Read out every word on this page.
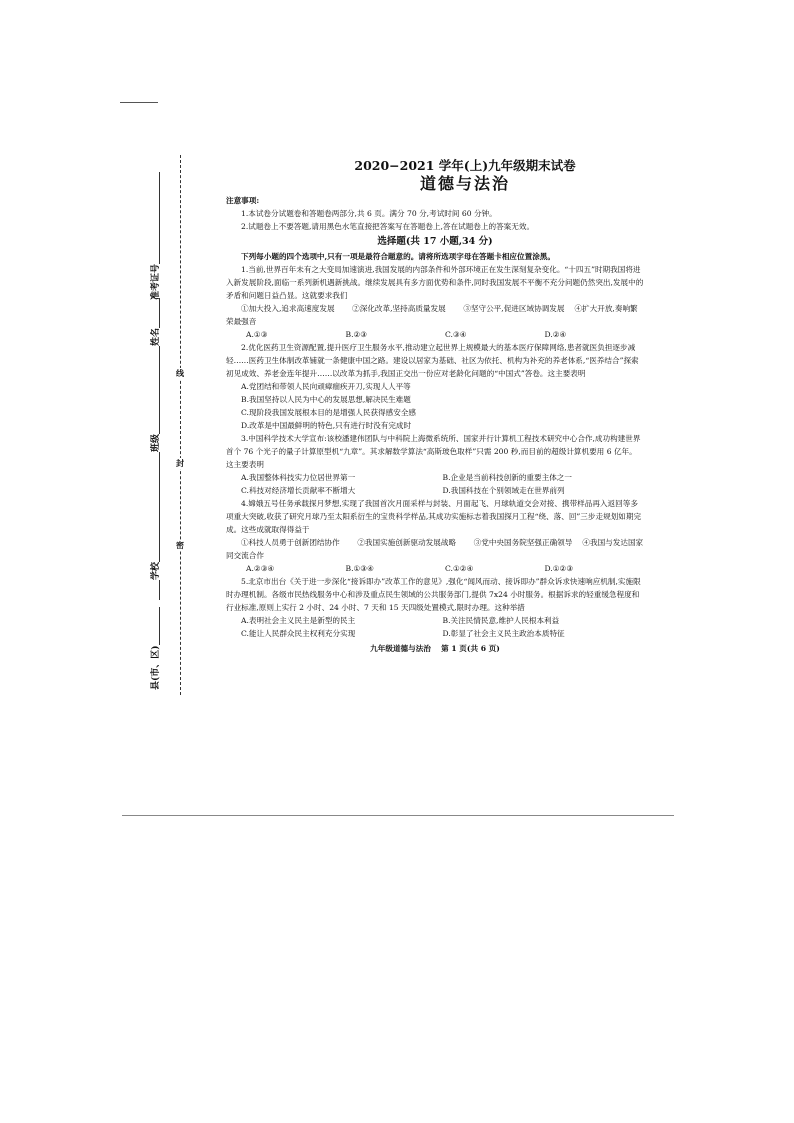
准考证号
姓名
班级
学校
县(市、区)
线
封
密
2020−2021 学年(上)九年级期末试卷
道德与法治

注意事项:

1.本试卷分试题卷和答题卷两部分,共 6 页。满分 70 分,考试时间 60 分钟。

2.试题卷上不要答题,请用黑色水笔直接把答案写在答题卷上,答在试题卷上的答案无效。

选择题(共 17 小题,34 分)

下列每小题的四个选项中,只有一项是最符合题意的。请将所选项字母在答题卡相应位置涂黑。

1.当前,世界百年未有之大变局加速演进,我国发展的内部条件和外部环境正在发生深刻复杂变化。“十四五”时期我国将进入新发展阶段,面临一系列新机遇新挑战。继续发展具有多方面优势和条件,同时我国发展不平衡不充分问题仍然突出,发展中的矛盾和问题日益凸显。这就要求我们

①加大投入,追求高速度发展　　 ②深化改革,坚持高质量发展　　 ③坚守公平,促进区域协调发展　 ④扩大开放,奏响繁荣最强音

A.①③	B.②③	C.③④	D.②④

2.优化医药卫生资源配置,提升医疗卫生服务水平,推动建立起世界上规模最大的基本医疗保障网络,患者就医负担逐步减轻……医药卫生体制改革铺就一条健康中国之路。建设以居家为基础、社区为依托、机构为补充的养老体系,“医养结合”探索初见成效、养老金连年提升……以改革为抓手,我国正交出一份应对老龄化问题的“中国式”答卷。这主要表明

A.党团结和带领人民向顽瘴痼疾开刀,实现人人平等

B.我国坚持以人民为中心的发展思想,解决民生难题

C.现阶段我国发展根本目的是增强人民获得感安全感

D.改革是中国最鲜明的特色,只有进行时没有完成时

3.中国科学技术大学宣布:该校潘建伟团队与中科院上海微系统所、国家并行计算机工程技术研究中心合作,成功构建世界首个 76 个光子的量子计算原型机“九章”。其求解数学算法“高斯玻色取样”只需 200 秒,而目前的超级计算机要用 6 亿年。这主要表明

A.我国整体科技实力位居世界第一	B.企业是当前科技创新的重要主体之一
C.科技对经济增长贡献率不断增大	D.我国科技在个别领域走在世界前列

4.嫦娥五号任务承载探月梦想,实现了我国首次月面采样与封装、月面起飞、月球轨道交会对接、携带样品再入返回等多项重大突破,收获了研究月球乃至太阳系衍生的宝贵科学样品,其成功实施标志着我国探月工程“绕、落、回”三步走规划如期完成。这些成就取得得益于

①科技人员勇于创新团结协作　　 ②我国实施创新驱动发展战略　　 ③党中央国务院坚强正确领导　 ④我国与发达国家同交流合作

A.②③④	B.①③④	C.①②④	D.①②③

5.北京市出台《关于进一步深化“接诉即办”改革工作的意见》,强化“闻风而动、接诉即办”群众诉求快速响应机制,实施限时办理机制。各级市民热线服务中心和涉及重点民生领域的公共服务部门,提供 7x24 小时服务。根据诉求的轻重缓急程度和行业标准,原则上实行 2 小时、24 小时、7 天和 15 天四级处置模式,限时办理。这种举措

A.表明社会主义民主是新型的民主	B.关注民情民意,维护人民根本利益
C.能让人民群众民主权利充分实现	D.彰显了社会主义民主政治本质特征
九年级道德与法治　 第 1 页(共 6 页)
